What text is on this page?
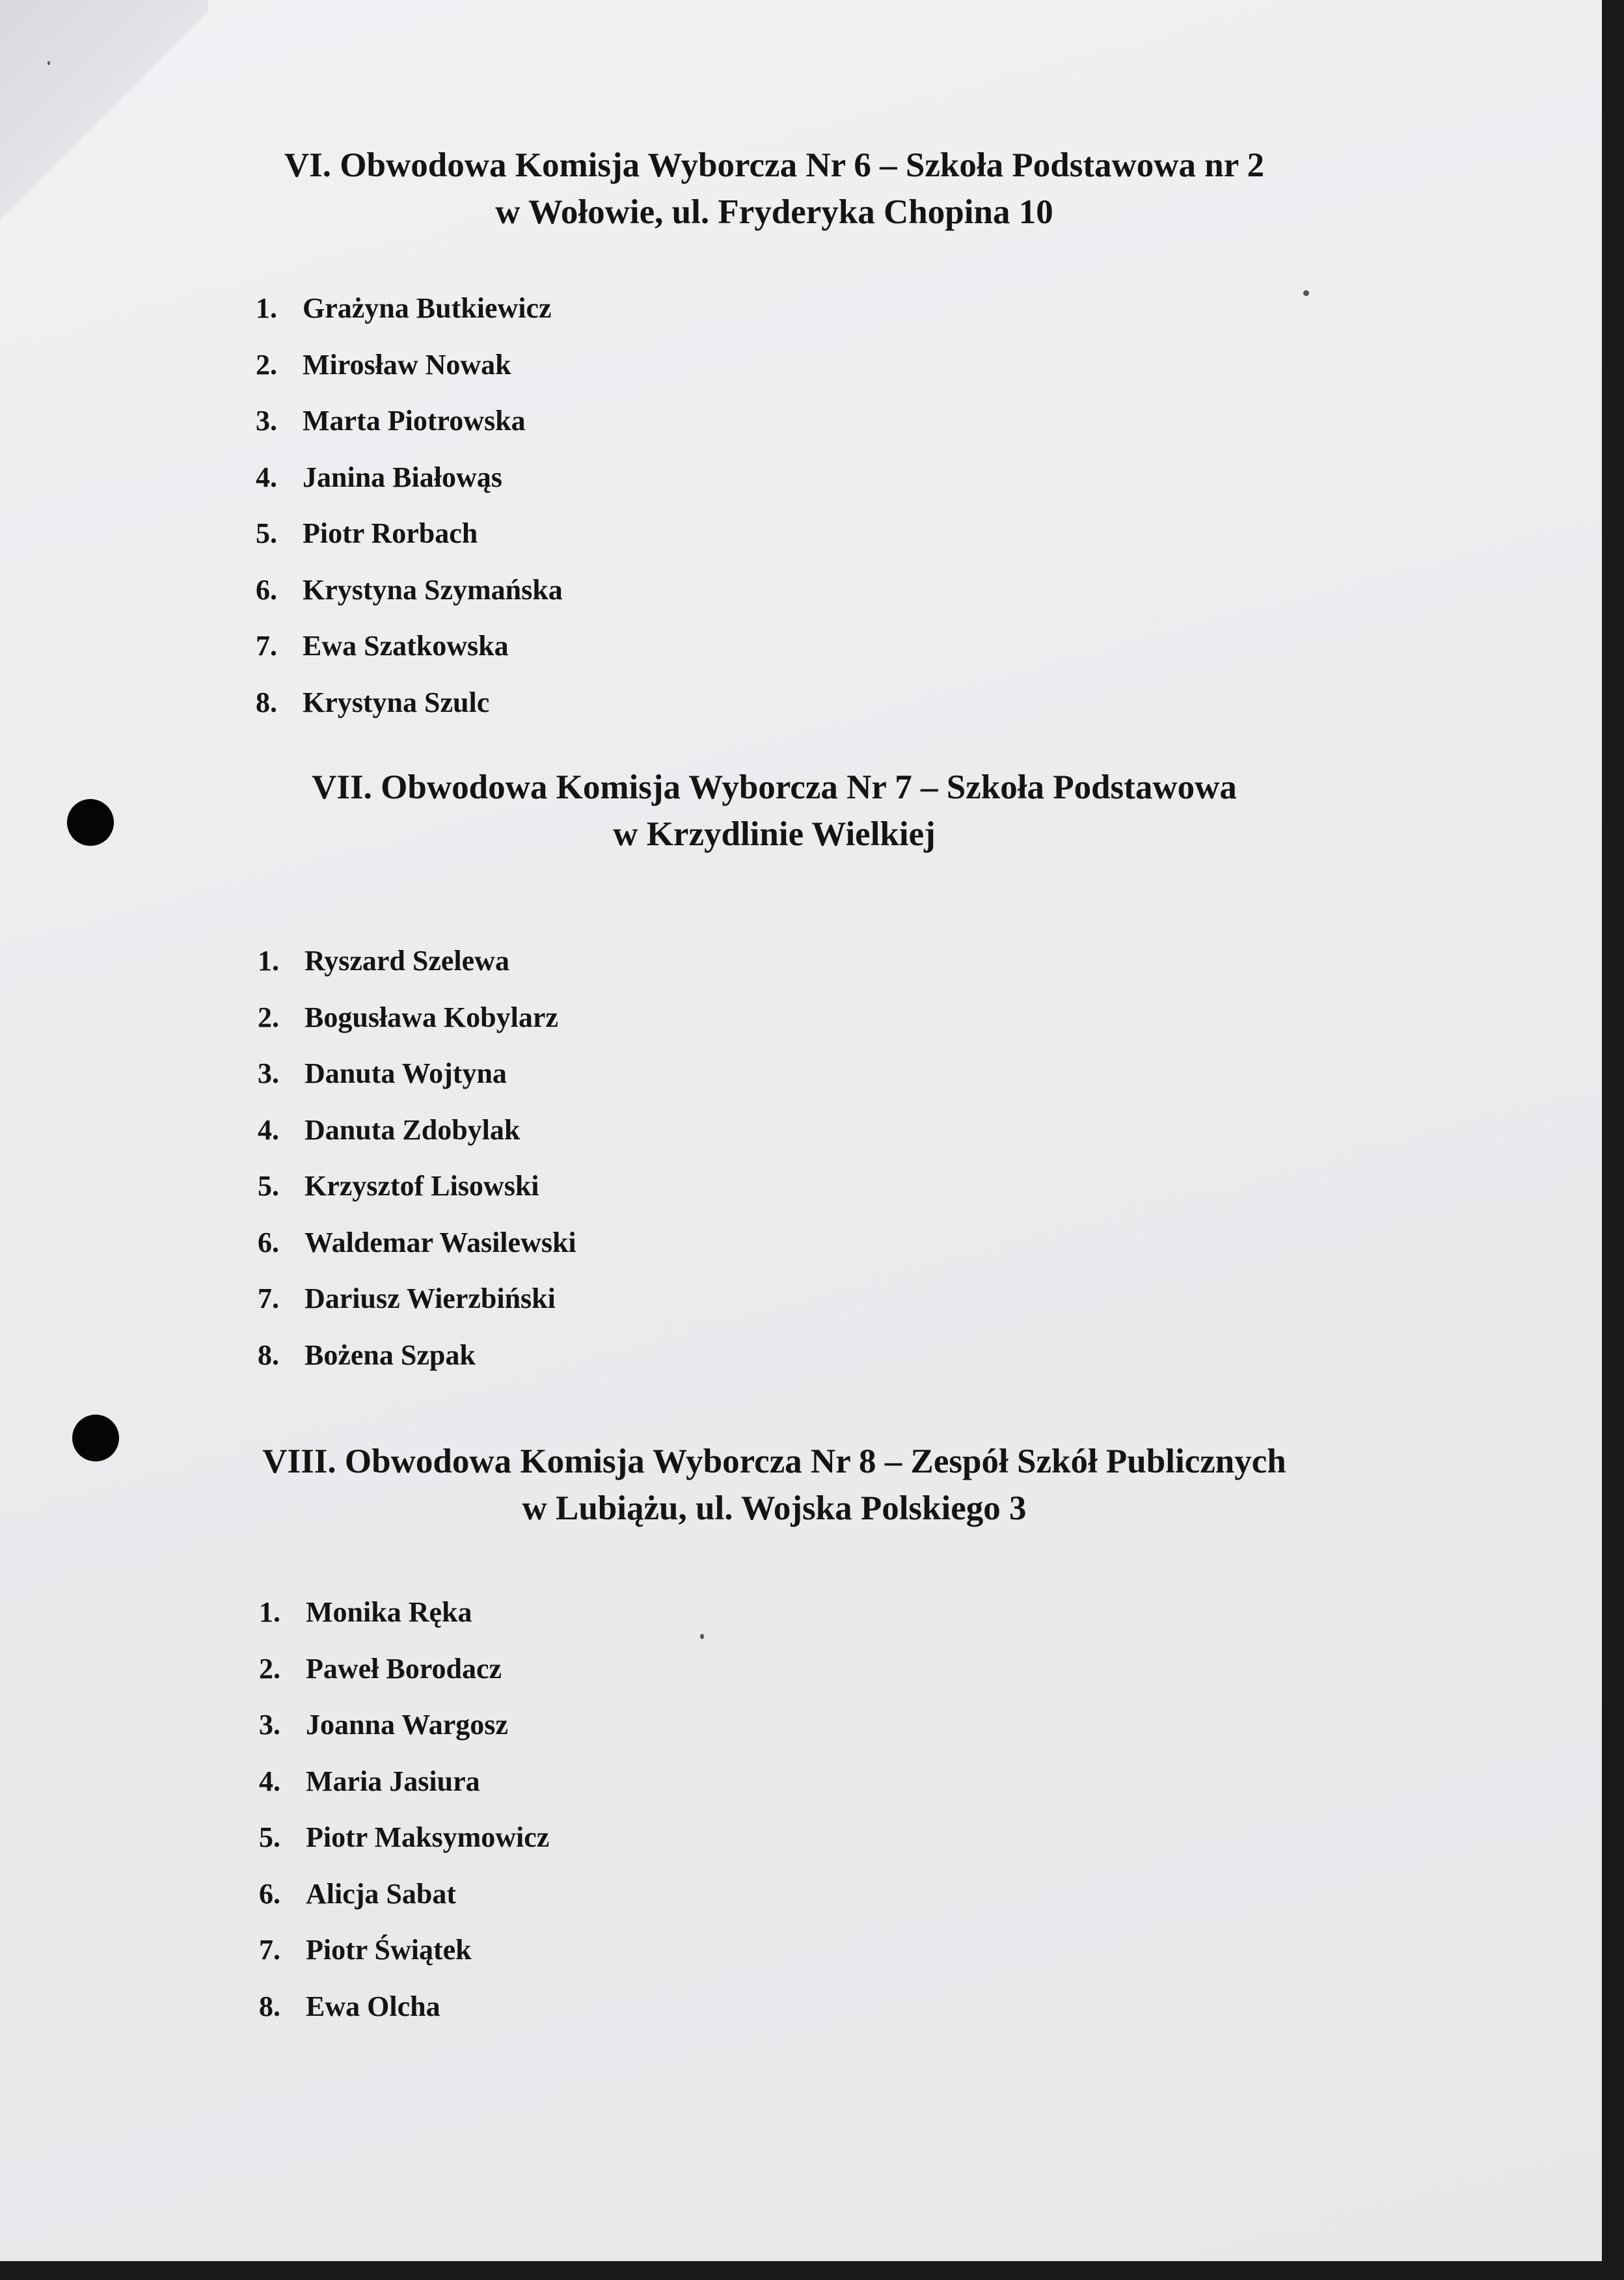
VI. Obwodowa Komisja Wyborcza Nr 6 – Szkoła Podstawowa nr 2
w Wołowie, ul. Fryderyka Chopina 10
1. Grażyna Butkiewicz
2. Mirosław Nowak
3. Marta Piotrowska
4. Janina Białowąs
5. Piotr Rorbach
6. Krystyna Szymańska
7. Ewa Szatkowska
8. Krystyna Szulc
VII. Obwodowa Komisja Wyborcza Nr 7 – Szkoła Podstawowa
w Krzydlinie Wielkiej
1. Ryszard Szelewa
2. Bogusława Kobylarz
3. Danuta Wojtyna
4. Danuta Zdobylak
5. Krzysztof Lisowski
6. Waldemar Wasilewski
7. Dariusz Wierzbiński
8. Bożena Szpak
VIII. Obwodowa Komisja Wyborcza Nr 8 – Zespół Szkół Publicznych
w Lubiążu, ul. Wojska Polskiego 3
1. Monika Ręka
2. Paweł Borodacz
3. Joanna Wargosz
4. Maria Jasiura
5. Piotr Maksymowicz
6. Alicja Sabat
7. Piotr Świątek
8. Ewa Olcha
